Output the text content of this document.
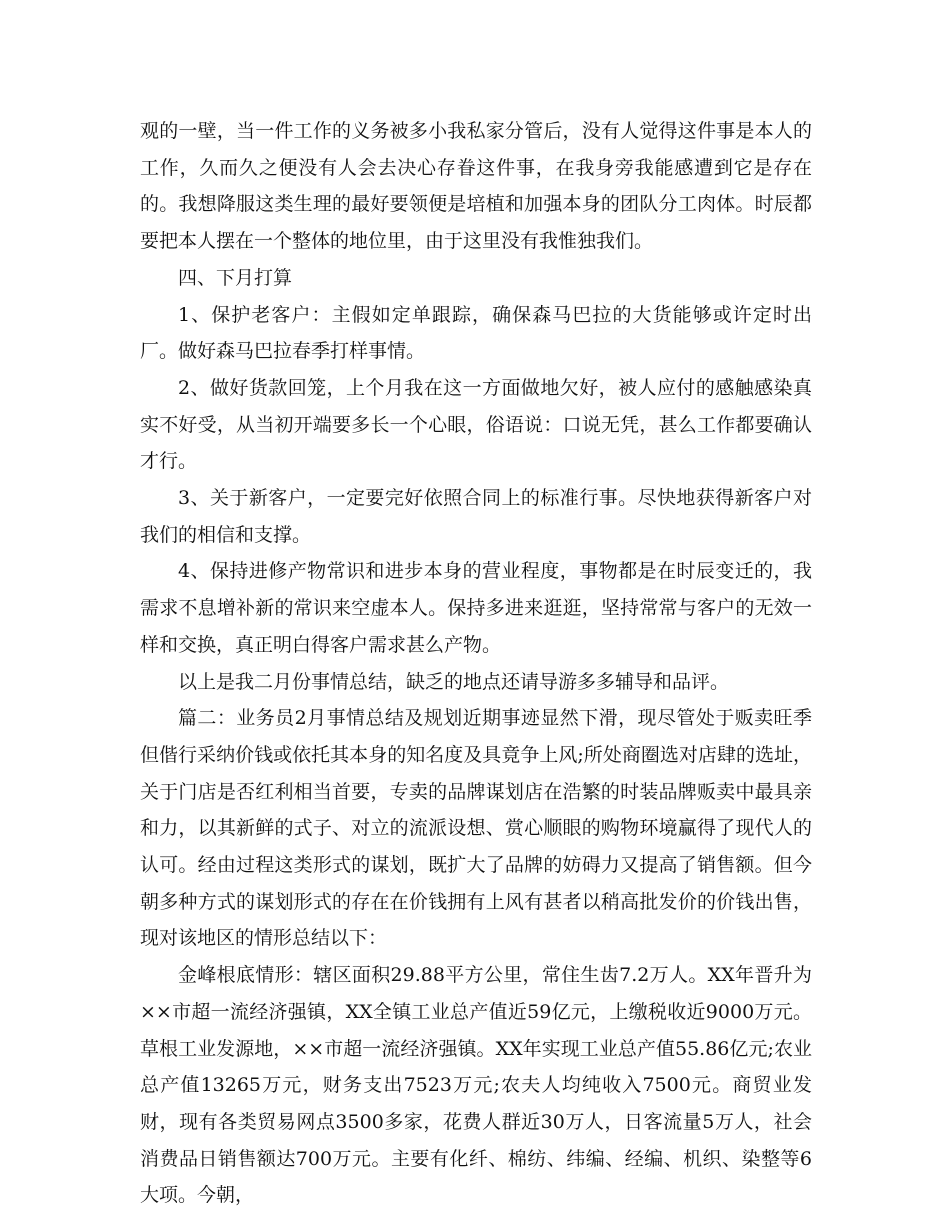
观的一壁，当一件工作的义务被多小我私家分管后，没有人觉得这件事是本人的工作，久而久之便没有人会去决心存眷这件事，在我身旁我能感遭到它是存在的。我想降服这类生理的最好要领便是培植和加强本身的团队分工肉体。时辰都要把本人摆在一个整体的地位里，由于这里没有我惟独我们。

四、下月打算

1、保护老客户：主假如定单跟踪，确保森马巴拉的大货能够或许定时出厂。做好森马巴拉春季打样事情。

2、做好货款回笼，上个月我在这一方面做地欠好，被人应付的感触感染真实不好受，从当初开端要多长一个心眼，俗语说：口说无凭，甚么工作都要确认才行。

3、关于新客户，一定要完好依照合同上的标准行事。尽快地获得新客户对我们的相信和支撑。

4、保持进修产物常识和进步本身的营业程度，事物都是在时辰变迁的，我需求不息增补新的常识来空虚本人。保持多进来逛逛，坚持常常与客户的无效一样和交换，真正明白得客户需求甚么产物。

以上是我二月份事情总结，缺乏的地点还请导游多多辅导和品评。

篇二：业务员2月事情总结及规划近期事迹显然下滑，现尽管处于贩卖旺季但偕行采纳价钱或依托其本身的知名度及具竟争上风;所处商圈选对店肆的选址，关于门店是否红利相当首要，专卖的品牌谋划店在浩繁的时装品牌贩卖中最具亲和力，以其新鲜的式子、对立的流派设想、赏心顺眼的购物环境赢得了现代人的认可。经由过程这类形式的谋划，既扩大了品牌的妨碍力又提高了销售额。但今朝多种方式的谋划形式的存在在价钱拥有上风有甚者以稍高批发价的价钱出售，现对该地区的情形总结以下：

金峰根底情形：辖区面积29.88平方公里，常住生齿7.2万人。XX年晋升为××市超一流经济强镇，XX全镇工业总产值近59亿元，上缴税收近9000万元。草根工业发源地，××市超一流经济强镇。XX年实现工业总产值55.86亿元;农业总产值13265万元，财务支出7523万元;农夫人均纯收入7500元。商贸业发财，现有各类贸易网点3500多家，花费人群近30万人，日客流量5万人，社会消费品日销售额达700万元。主要有化纤、棉纺、纬编、经编、机织、染整等6大项。今朝，
